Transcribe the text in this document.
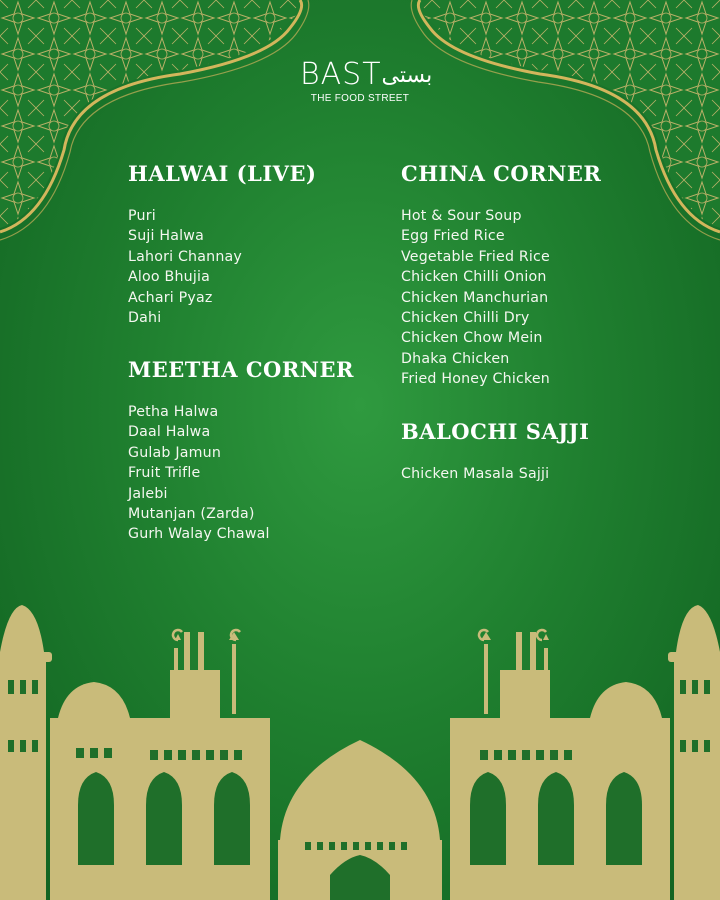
BASTبستی
THE FOOD STREET
HALWAI (LIVE)
Puri
Suji Halwa
Lahori Channay
Aloo Bhujia
Achari Pyaz
Dahi
MEETHA CORNER
Petha Halwa
Daal Halwa
Gulab Jamun
Fruit Trifle
Jalebi
Mutanjan (Zarda)
Gurh Walay Chawal
CHINA CORNER
Hot & Sour Soup
Egg Fried Rice
Vegetable Fried Rice
Chicken Chilli Onion
Chicken Manchurian
Chicken Chilli Dry
Chicken Chow Mein
Dhaka Chicken
Fried Honey Chicken
BALOCHI SAJJI
Chicken Masala Sajji
